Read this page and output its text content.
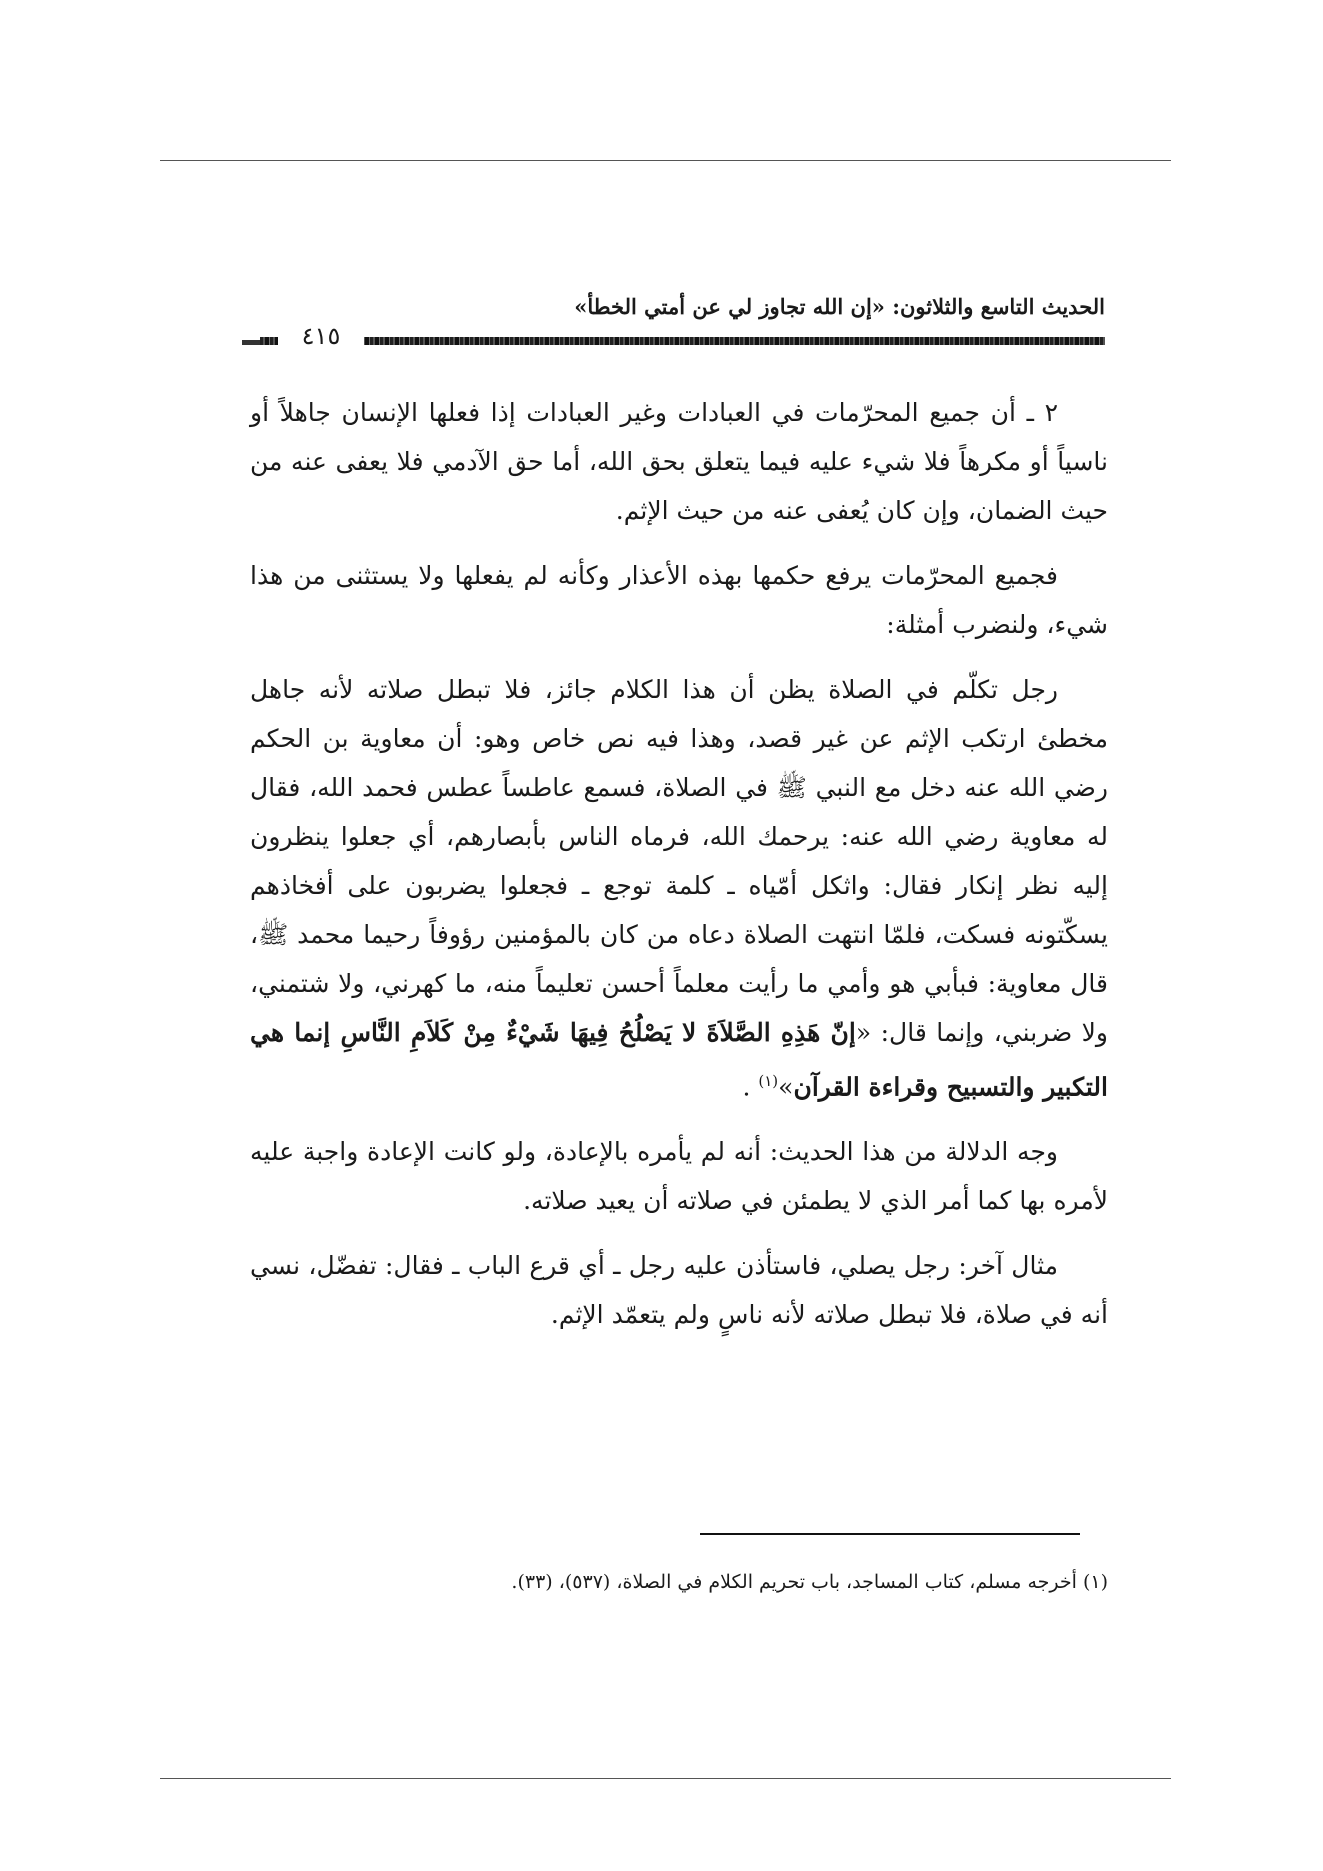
الحديث التاسع والثلاثون: «إن الله تجاوز لي عن أمتي الخطأ»
٤١٥

٢ ـ أن جميع المحرّمات في العبادات وغير العبادات إذا فعلها الإنسان جاهلاً أو ناسياً أو مكرهاً فلا شيء عليه فيما يتعلق بحق الله، أما حق الآدمي فلا يعفى عنه من حيث الضمان، وإن كان يُعفى عنه من حيث الإثم.

فجميع المحرّمات يرفع حكمها بهذه الأعذار وكأنه لم يفعلها ولا يستثنى من هذا شيء، ولنضرب أمثلة:

رجل تكلّم في الصلاة يظن أن هذا الكلام جائز، فلا تبطل صلاته لأنه جاهل مخطئ ارتكب الإثم عن غير قصد، وهذا فيه نص خاص وهو: أن معاوية بن الحكم رضي الله عنه دخل مع النبي ﷺ في الصلاة، فسمع عاطساً عطس فحمد الله، فقال له معاوية رضي الله عنه: يرحمك الله، فرماه الناس بأبصارهم، أي جعلوا ينظرون إليه نظر إنكار فقال: واثكل أمّياه ـ كلمة توجع ـ فجعلوا يضربون على أفخاذهم يسكّتونه فسكت، فلمّا انتهت الصلاة دعاه من كان بالمؤمنين رؤوفاً رحيما محمد ﷺ، قال معاوية: فبأبي هو وأمي ما رأيت معلماً أحسن تعليماً منه، ما كهرني، ولا شتمني، ولا ضربني، وإنما قال: «إنّ هَذِهِ الصَّلاَةَ لا يَصْلُحُ فِيهَا شَيْءٌ مِنْ كَلاَمِ النَّاسِ إنما هي التكبير والتسبيح وقراءة القرآن»$^{(١)}$ .

وجه الدلالة من هذا الحديث: أنه لم يأمره بالإعادة، ولو كانت الإعادة واجبة عليه لأمره بها كما أمر الذي لا يطمئن في صلاته أن يعيد صلاته.

مثال آخر: رجل يصلي، فاستأذن عليه رجل ـ أي قرع الباب ـ فقال: تفضّل، نسي أنه في صلاة، فلا تبطل صلاته لأنه ناسٍ ولم يتعمّد الإثم.

(١) أخرجه مسلم، كتاب المساجد، باب تحريم الكلام في الصلاة، (٥٣٧)، (٣٣).
